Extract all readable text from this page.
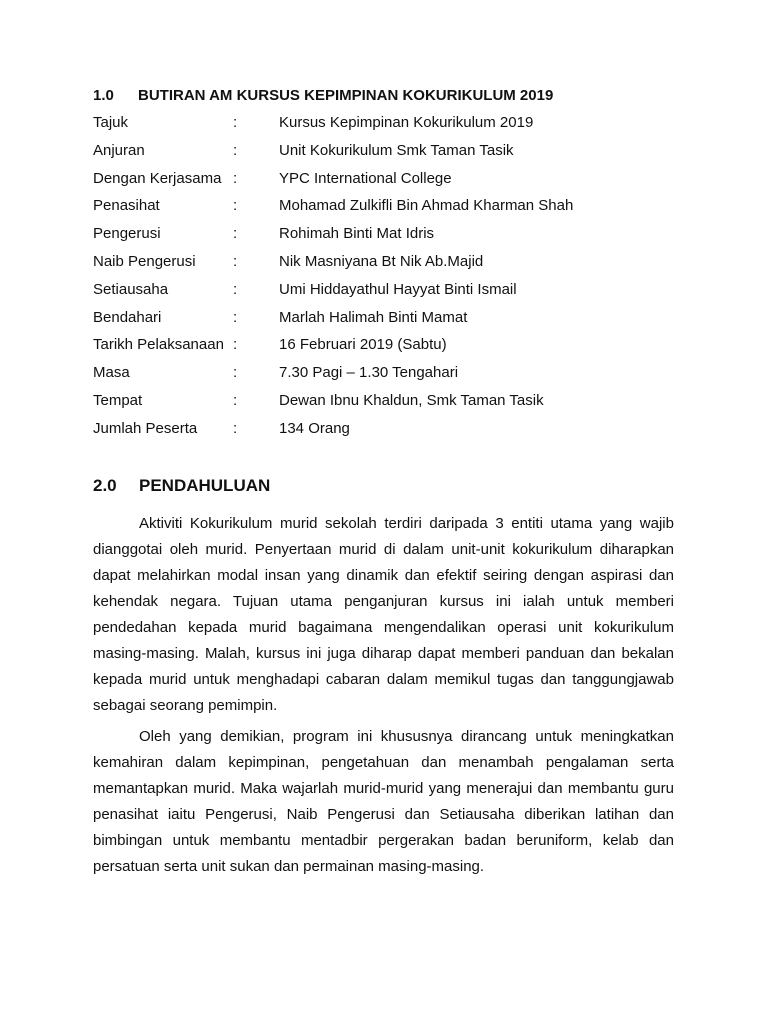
1.0 BUTIRAN AM KURSUS KEPIMPINAN KOKURIKULUM 2019
Tajuk	:	Kursus Kepimpinan Kokurikulum 2019
Anjuran	:	Unit Kokurikulum Smk Taman Tasik
Dengan Kerjasama :	YPC International College
Penasihat	:	Mohamad Zulkifli Bin Ahmad Kharman Shah
Pengerusi	:	Rohimah Binti Mat Idris
Naib Pengerusi :	Nik Masniyana Bt Nik Ab.Majid
Setiausaha	:	Umi Hiddayathul Hayyat Binti Ismail
Bendahari	:	Marlah Halimah Binti Mamat
Tarikh Pelaksanaan :	16 Februari 2019 (Sabtu)
Masa	:	7.30 Pagi – 1.30 Tengahari
Tempat	:	Dewan Ibnu Khaldun, Smk Taman Tasik
Jumlah Peserta :	134 Orang
2.0 PENDAHULUAN

Aktiviti Kokurikulum murid sekolah terdiri daripada 3 entiti utama yang wajib dianggotai oleh murid. Penyertaan murid di dalam unit-unit kokurikulum diharapkan dapat melahirkan modal insan yang dinamik dan efektif seiring dengan aspirasi dan kehendak negara. Tujuan utama penganjuran kursus ini ialah untuk memberi pendedahan kepada murid bagaimana mengendalikan operasi unit kokurikulum masing-masing. Malah, kursus ini juga diharap dapat memberi panduan dan bekalan kepada murid untuk menghadapi cabaran dalam memikul tugas dan tanggungjawab sebagai seorang pemimpin.

Oleh yang demikian, program ini khususnya dirancang untuk meningkatkan kemahiran dalam kepimpinan, pengetahuan dan menambah pengalaman serta memantapkan murid. Maka wajarlah murid-murid yang menerajui dan membantu guru penasihat iaitu Pengerusi, Naib Pengerusi dan Setiausaha diberikan latihan dan bimbingan untuk membantu mentadbir pergerakan badan beruniform, kelab dan persatuan serta unit sukan dan permainan masing-masing.
